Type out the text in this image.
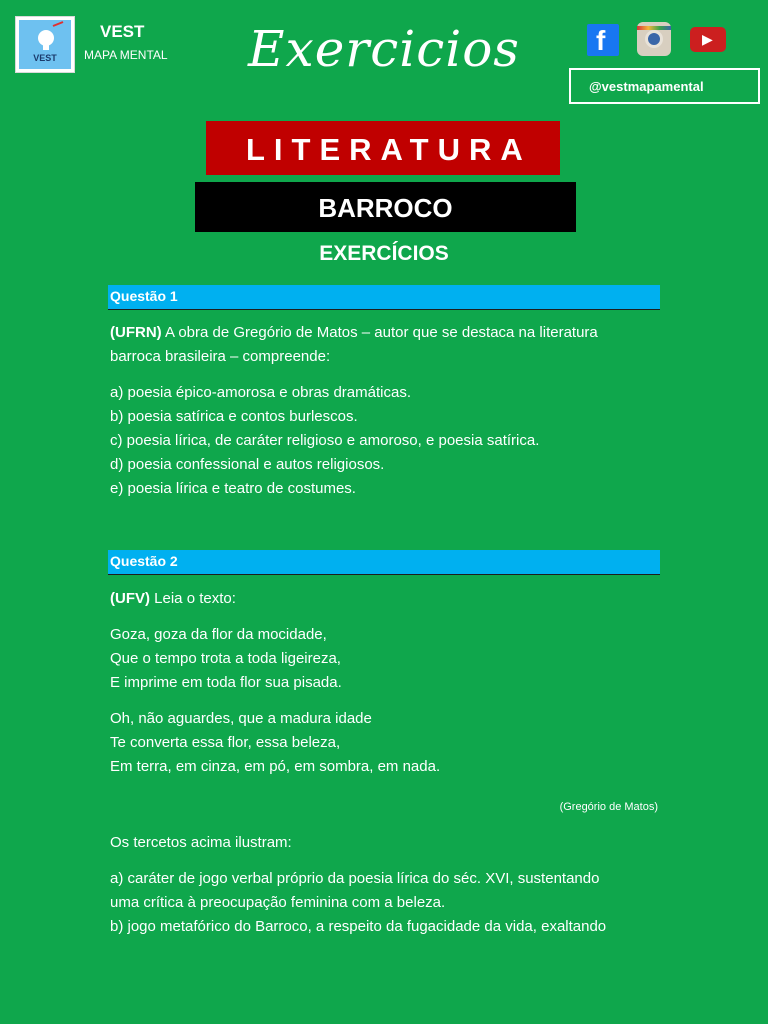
VEST
VEST
MAPA MENTAL	Exercicios	f	▶
@vestmapamental
LITERATURA
BARROCO
EXERCÍCIOS
Questão 1

(UFRN) A obra de Gregório de Matos – autor que se destaca na literatura

barroca brasileira – compreende:

a) poesia épico-amorosa e obras dramáticas.

b) poesia satírica e contos burlescos.

c) poesia lírica, de caráter religioso e amoroso, e poesia satírica.

d) poesia confessional e autos religiosos.

e) poesia lírica e teatro de costumes.

Questão 2

(UFV) Leia o texto:

Goza, goza da flor da mocidade,

Que o tempo trota a toda ligeireza,

E imprime em toda flor sua pisada.

Oh, não aguardes, que a madura idade

Te converta essa flor, essa beleza,

Em terra, em cinza, em pó, em sombra, em nada.

(Gregório de Matos)
Os tercetos acima ilustram:

a) caráter de jogo verbal próprio da poesia lírica do séc. XVI, sustentando

uma crítica à preocupação feminina com a beleza.

b) jogo metafórico do Barroco, a respeito da fugacidade da vida, exaltando
